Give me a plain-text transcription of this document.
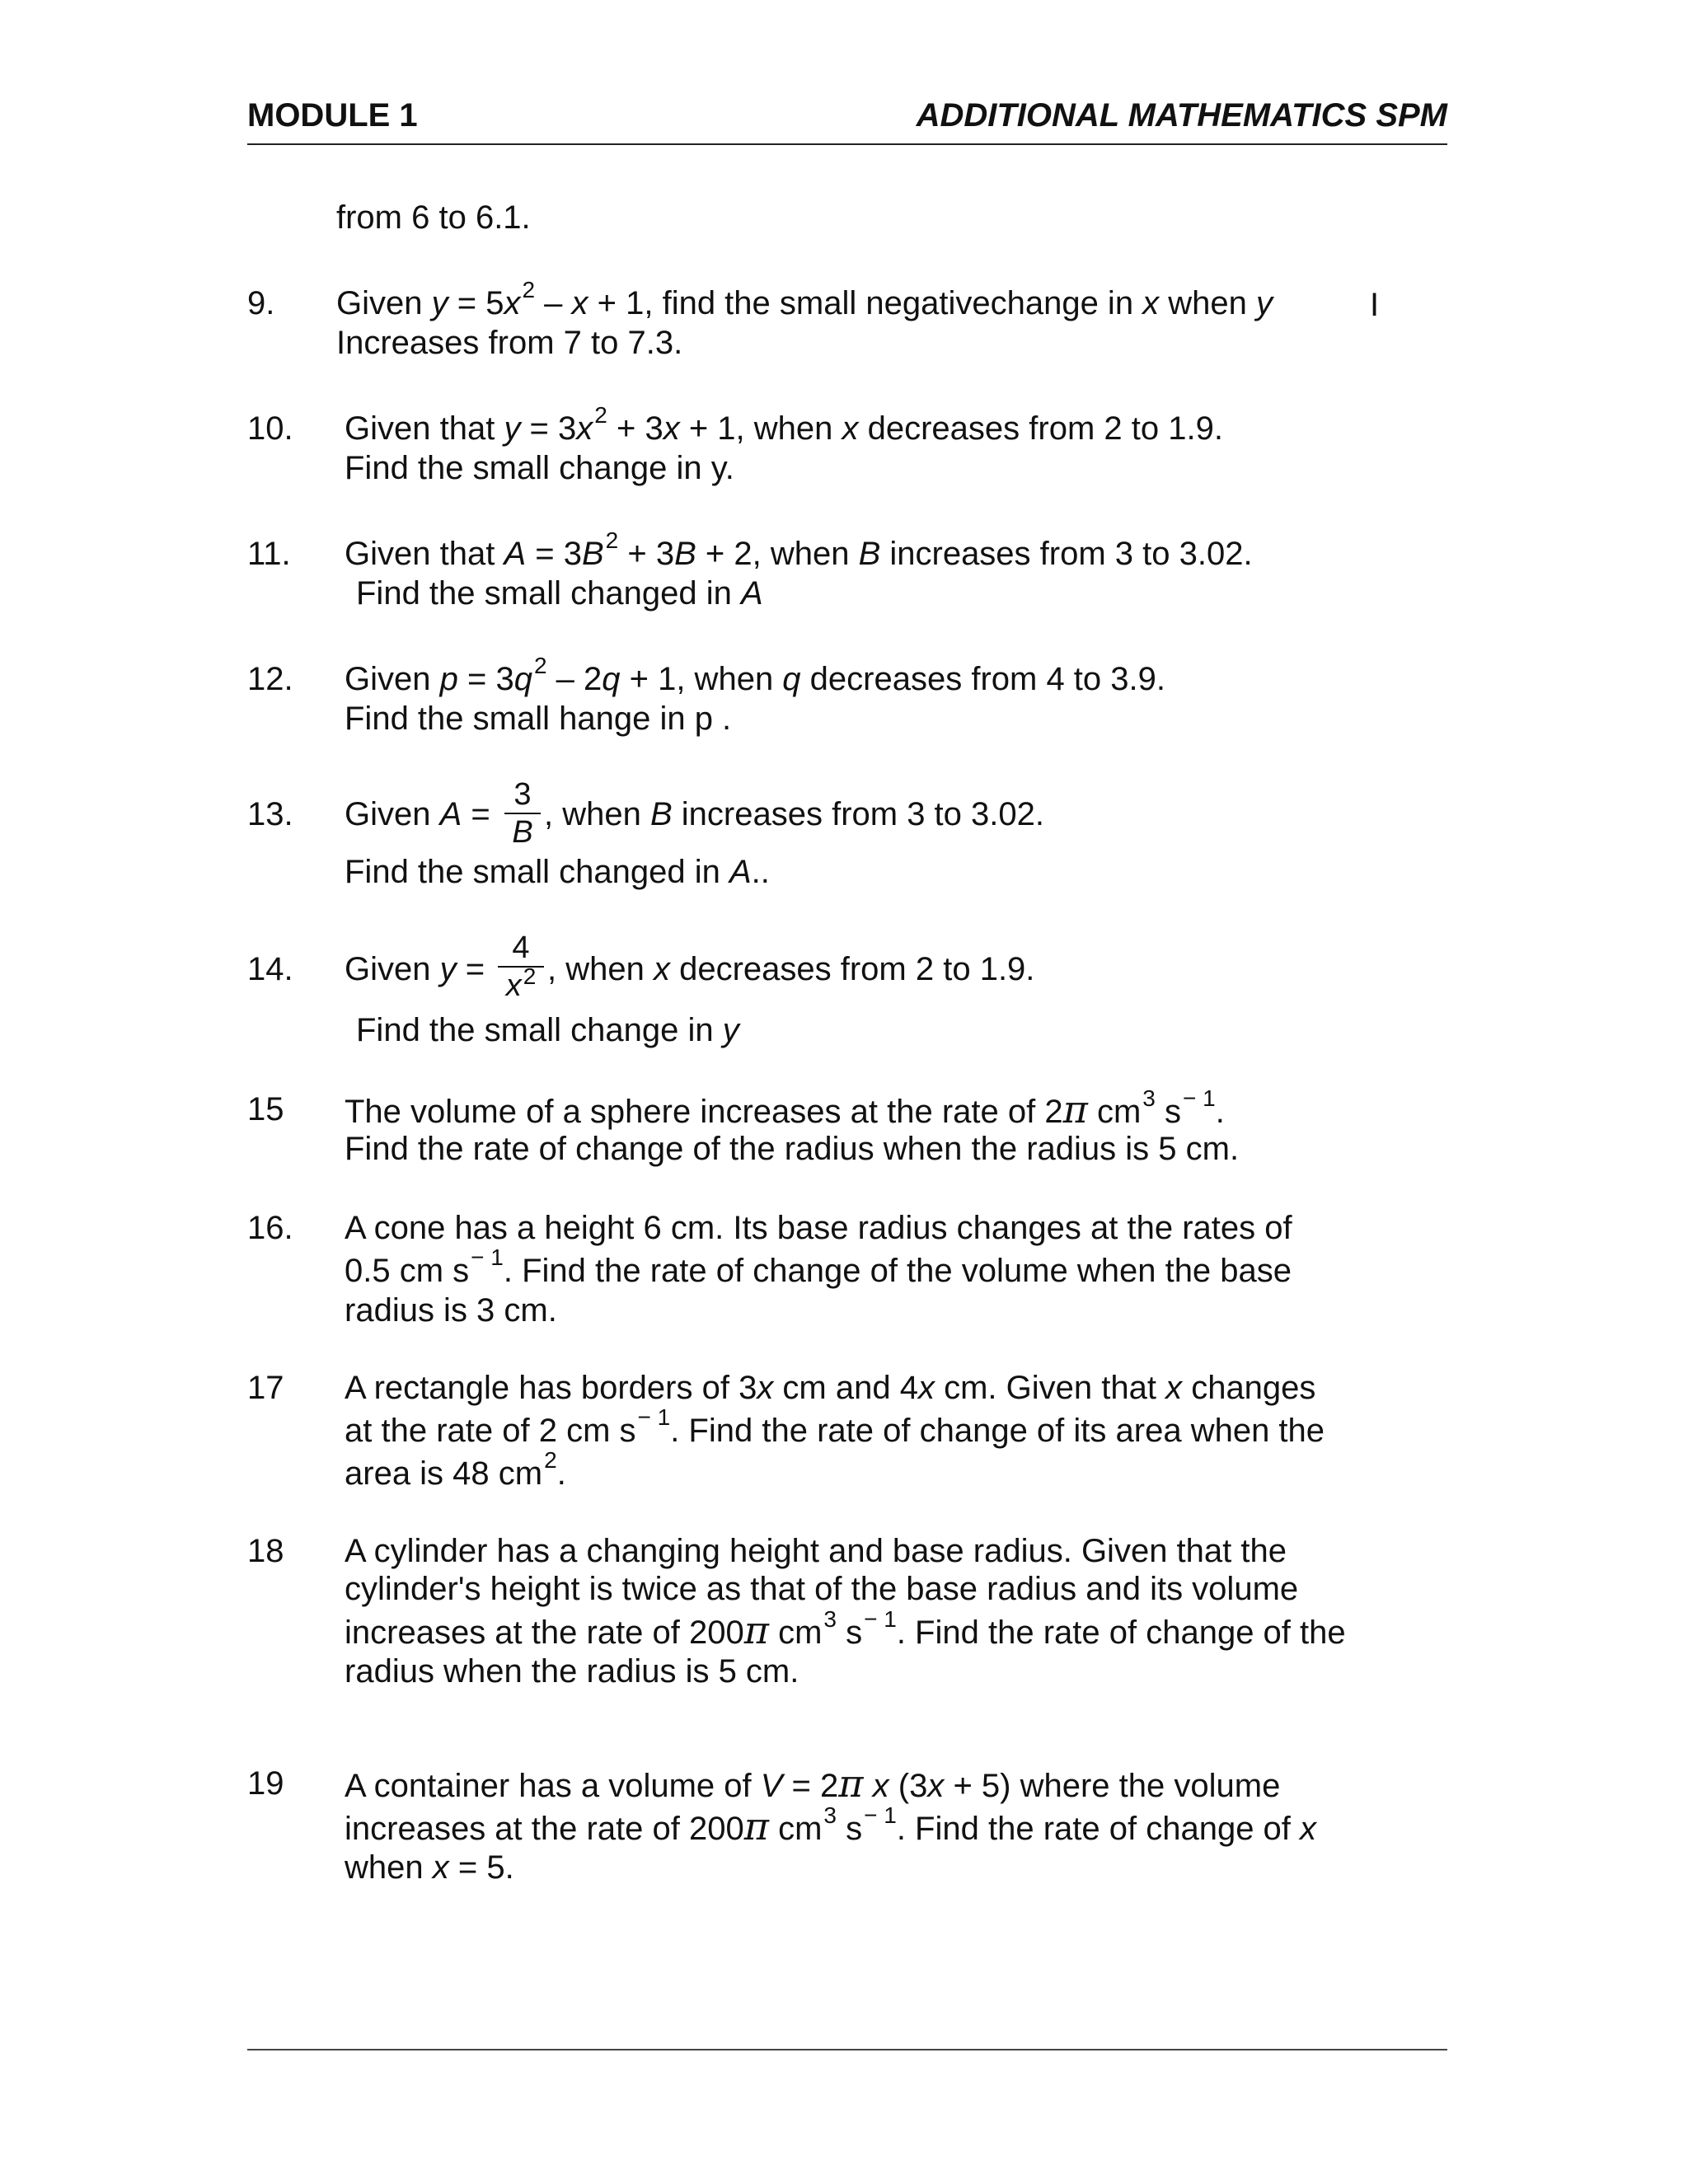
MODULE 1	ADDITIONAL MATHEMATICS SPM
from 6 to 6.1.
9. Given $y = 5x^2 - x + 1$, find the small negativechange in x when y	I
Increases from 7 to 7.3.
10. Given that $y = 3x^2 + 3x + 1$, when x decreases from 2 to 1.9.
Find the small change in y.
11. Given that $A = 3B^2 + 3B + 2$, when B increases from 3 to 3.02.
Find the small changed in A
12. Given $p = 3q^2 - 2q + 1$, when q decreases from 4 to 3.9.
Find the small hange in p .
13. Given A =
3
B , when B increases from 3 to 3.02.
Find the small changed in A..
14. Given y =
4
$x^2$ , when x decreases from 2 to 1.9.
Find the small change in y
15 The volume of a sphere increases at the rate of 2π $cm^3$ $s^{- 1}$.
Find the rate of change of the radius when the radius is 5 cm.
16. A cone has a height 6 cm. Its base radius changes at the rates of
0.5 cm $s^{- 1}$. Find the rate of change of the volume when the base
radius is 3 cm.
17 A rectangle has borders of 3x cm and 4x cm. Given that x changes
at the rate of 2 cm $s^{- 1}$. Find the rate of change of its area when the
area is 48 $cm^2$.
18 A cylinder has a changing height and base radius. Given that the
cylinder's height is twice as that of the base radius and its volume
increases at the rate of 200π $cm^3$ $s^{- 1}$. Find the rate of change of the
radius when the radius is 5 cm.
19 A container has a volume of V = 2π x (3x + 5) where the volume
increases at the rate of 200π $cm^3$ $s^{- 1}$. Find the rate of change of x
when x = 5.
